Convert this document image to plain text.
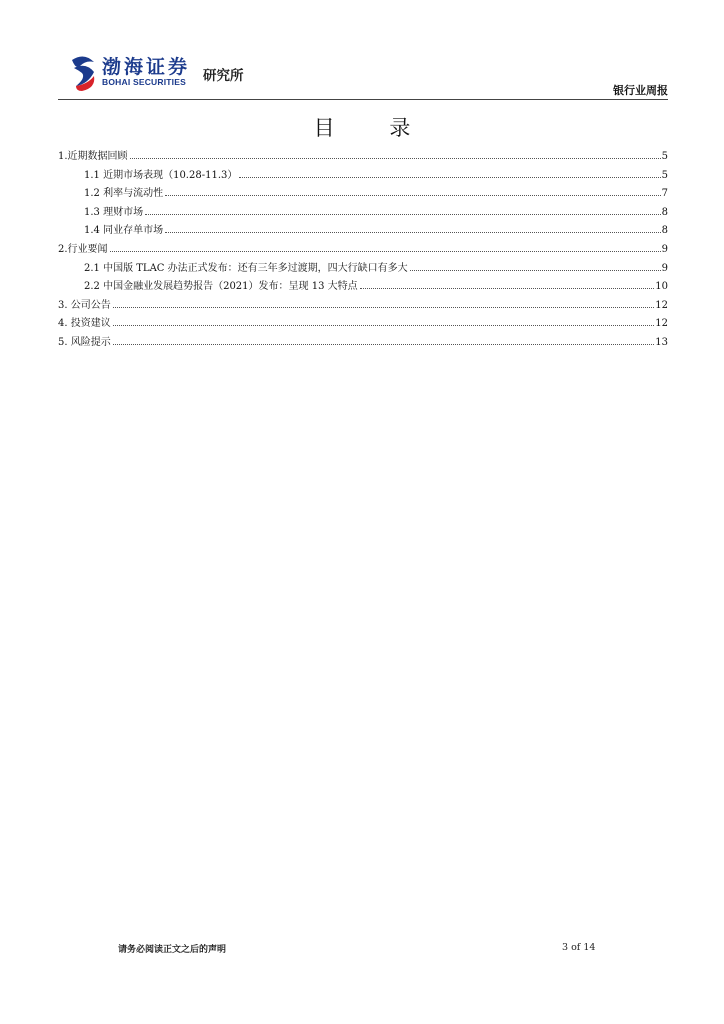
渤海证券
BOHAI SECURITIES 研究所
银行业周报
目 录
1.近期数据回顾	5
1.1 近期市场表现（10.28-11.3）	5
1.2 利率与流动性	7
1.3 理财市场	8
1.4 同业存单市场	8
2.行业要闻	9
2.1 中国版 TLAC 办法正式发布：还有三年多过渡期，四大行缺口有多大	9
2.2 中国金融业发展趋势报告（2021）发布：呈现 13 大特点	10
3. 公司公告	12
4. 投资建议	12
5. 风险提示	13
请务必阅读正文之后的声明	3 of 14
